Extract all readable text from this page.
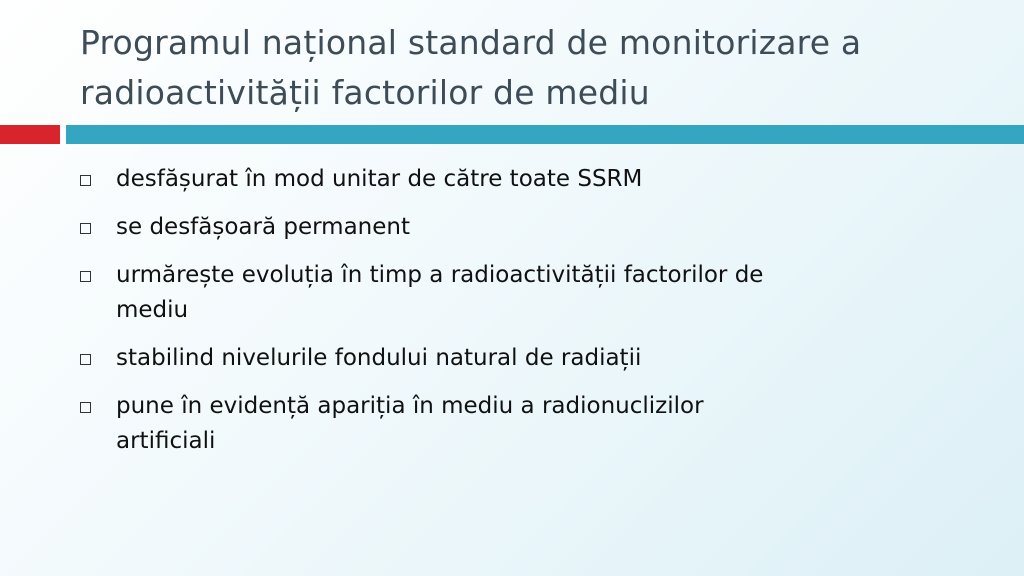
Programul național standard de monitorizare a
radioactivității factorilor de mediu
desfășurat în mod unitar de către toate SSRM
se desfășoară permanent
urmărește evoluția în timp a radioactivității factorilor de
mediu
stabilind nivelurile fondului natural de radiații
pune în evidență apariția în mediu a radionuclizilor
artificiali
